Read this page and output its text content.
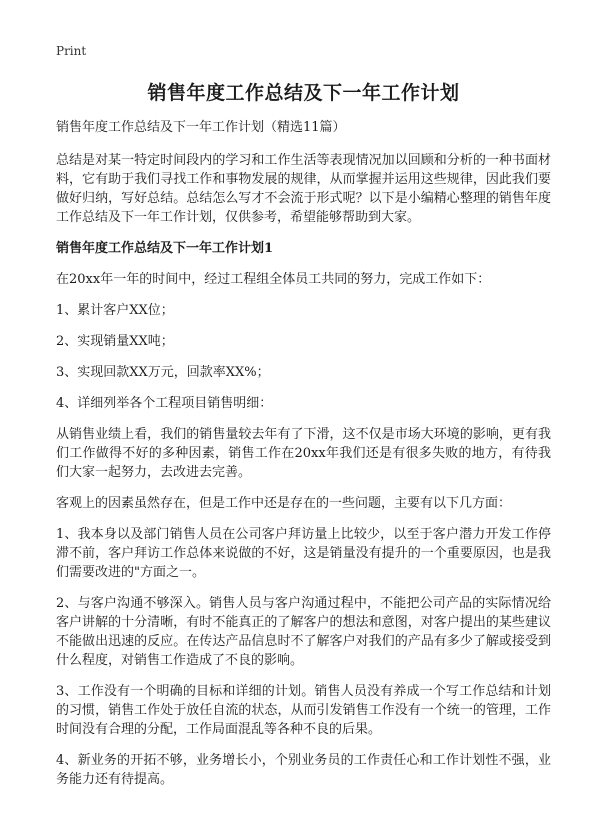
Print
销售年度工作总结及下一年工作计划
销售年度工作总结及下一年工作计划（精选11篇）

总结是对某一特定时间段内的学习和工作生活等表现情况加以回顾和分析的一种书面材料，它有助于我们寻找工作和事物发展的规律，从而掌握并运用这些规律，因此我们要做好归纳，写好总结。总结怎么写才不会流于形式呢？以下是小编精心整理的销售年度工作总结及下一年工作计划，仅供参考，希望能够帮助到大家。

销售年度工作总结及下一年工作计划1

在20xx年一年的时间中，经过工程组全体员工共同的努力，完成工作如下：

1、累计客户XX位；

2、实现销量XX吨；

3、实现回款XX万元，回款率XX%；

4、详细列举各个工程项目销售明细：

从销售业绩上看，我们的销售量较去年有了下滑，这不仅是市场大环境的影响，更有我们工作做得不好的多种因素，销售工作在20xx年我们还是有很多失败的地方，有待我们大家一起努力，去改进去完善。

客观上的因素虽然存在，但是工作中还是存在的一些问题，主要有以下几方面：

1、我本身以及部门销售人员在公司客户拜访量上比较少，以至于客户潜力开发工作停滞不前，客户拜访工作总体来说做的不好，这是销量没有提升的一个重要原因，也是我们需要改进的"方面之一。

2、与客户沟通不够深入。销售人员与客户沟通过程中，不能把公司产品的实际情况给客户讲解的十分清晰，有时不能真正的了解客户的想法和意图，对客户提出的某些建议不能做出迅速的反应。在传达产品信息时不了解客户对我们的产品有多少了解或接受到什么程度，对销售工作造成了不良的影响。

3、工作没有一个明确的目标和详细的计划。销售人员没有养成一个写工作总结和计划的习惯，销售工作处于放任自流的状态，从而引发销售工作没有一个统一的管理，工作时间没有合理的分配，工作局面混乱等各种不良的后果。

4、新业务的开拓不够，业务增长小，个别业务员的工作责任心和工作计划性不强，业务能力还有待提高。
